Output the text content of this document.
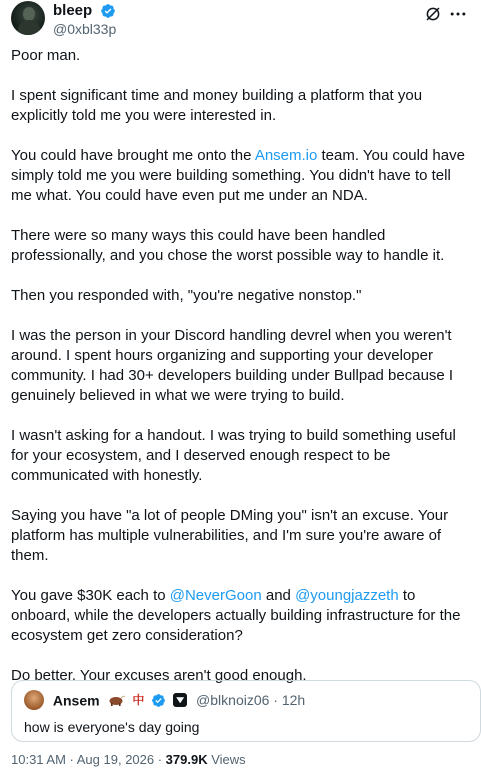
bleep
@0xbl33p

Poor man.

I spent significant time and money building a platform that you explicitly told me you were interested in.

You could have brought me onto the Ansem.io team. You could have simply told me you were building something. You didn't have to tell me what. You could have even put me under an NDA.

There were so many ways this could have been handled professionally, and you chose the worst possible way to handle it.

Then you responded with, "you're negative nonstop."

I was the person in your Discord handling devrel when you weren't around. I spent hours organizing and supporting your developer community. I had 30+ developers building under Bullpad because I genuinely believed in what we were trying to build.

I wasn't asking for a handout. I was trying to build something useful for your ecosystem, and I deserved enough respect to be communicated with honestly.

Saying you have "a lot of people DMing you" isn't an excuse. Your platform has multiple vulnerabilities, and I'm sure you're aware of them.

You gave $30K each to @NeverGoon and @youngjazzeth to onboard, while the developers actually building infrastructure for the ecosystem get zero consideration?

Do better. Your excuses aren't good enough.

Ansem	中	@blknoiz06 · 12h
how is everyone's day going
10:31 AM · Aug 19, 2026 · 379.9K Views
